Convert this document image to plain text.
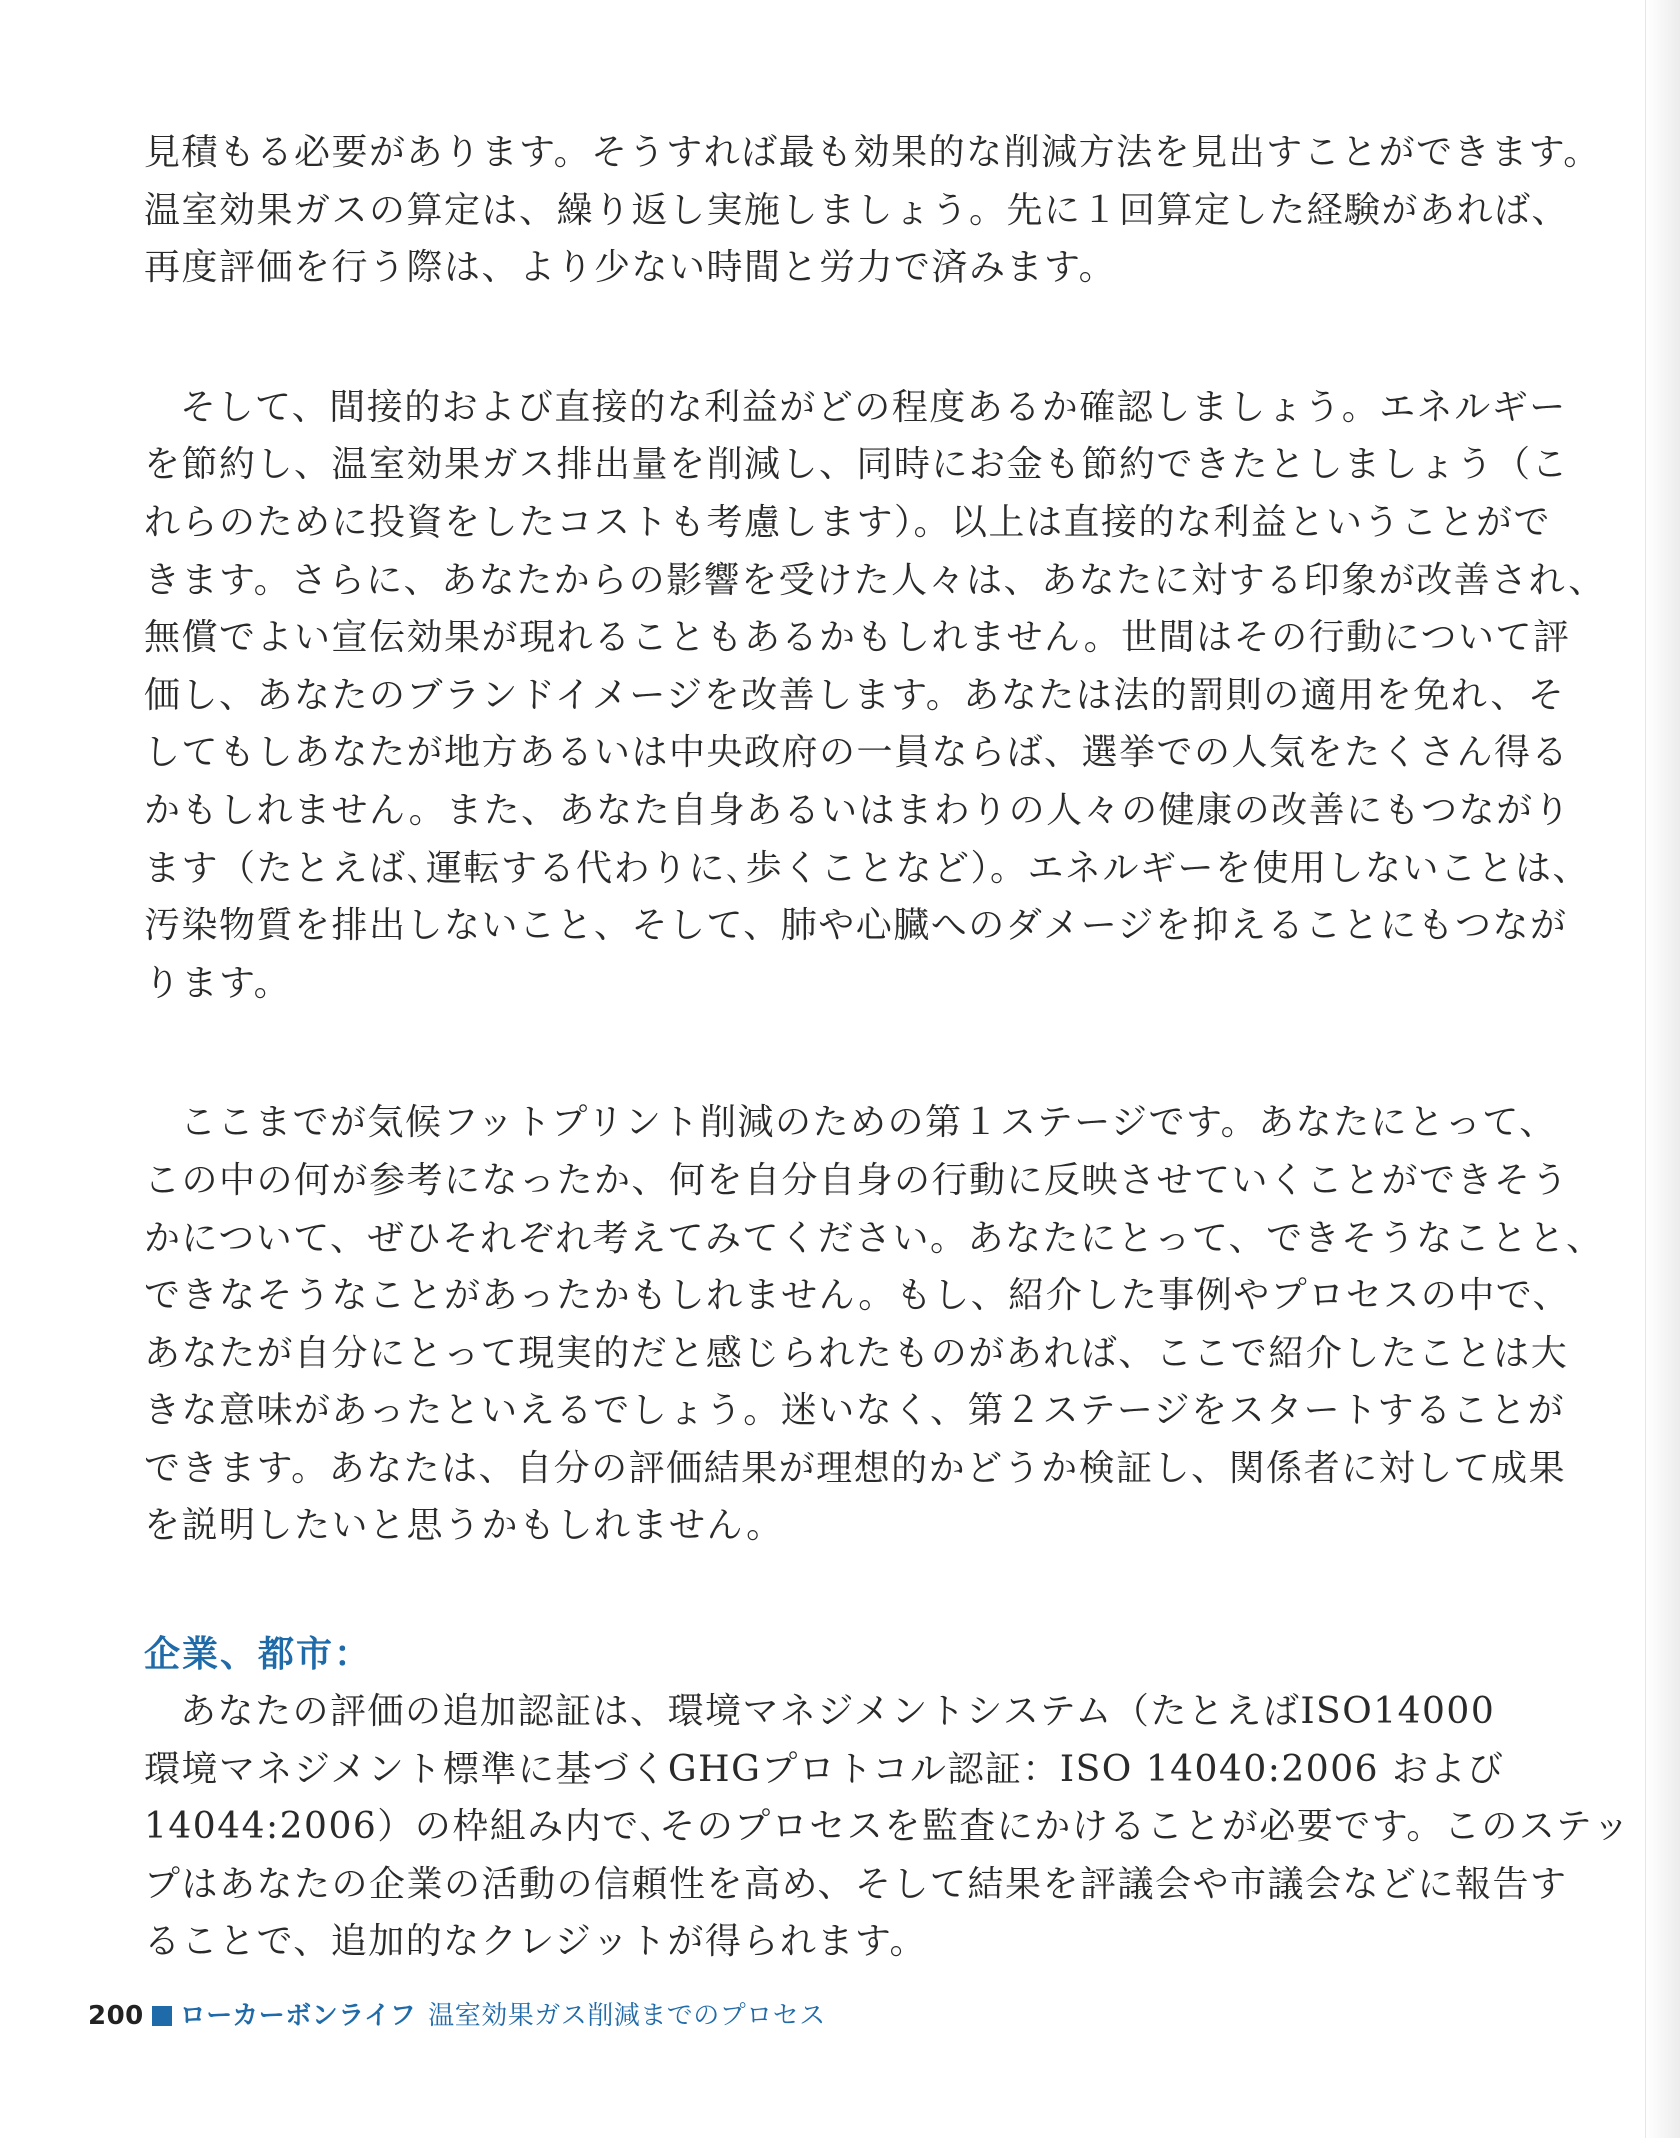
見積もる必要があります。そうすれば最も効果的な削減方法を見出すことができます。
温室効果ガスの算定は、繰り返し実施しましょう。先に１回算定した経験があれば、
再度評価を行う際は、より少ない時間と労力で済みます。

そして、間接的および直接的な利益がどの程度あるか確認しましょう。エネルギー
を節約し、温室効果ガス排出量を削減し、同時にお金も節約できたとしましょう（こ
れらのために投資をしたコストも考慮します）。以上は直接的な利益ということがで
きます。さらに、あなたからの影響を受けた人々は、あなたに対する印象が改善され、
無償でよい宣伝効果が現れることもあるかもしれません。世間はその行動について評
価し、あなたのブランドイメージを改善します。あなたは法的罰則の適用を免れ、そ
してもしあなたが地方あるいは中央政府の一員ならば、選挙での人気をたくさん得る
かもしれません。また、あなた自身あるいはまわりの人々の健康の改善にもつながり
ます（たとえば､運転する代わりに､歩くことなど）。エネルギーを使用しないことは、
汚染物質を排出しないこと、そして、肺や心臓へのダメージを抑えることにもつなが
ります。

ここまでが気候フットプリント削減のための第１ステージです。あなたにとって、
この中の何が参考になったか、何を自分自身の行動に反映させていくことができそう
かについて、ぜひそれぞれ考えてみてください。あなたにとって、できそうなことと、
できなそうなことがあったかもしれません。もし、紹介した事例やプロセスの中で、
あなたが自分にとって現実的だと感じられたものがあれば、ここで紹介したことは大
きな意味があったといえるでしょう。迷いなく、第２ステージをスタートすることが
できます。あなたは、自分の評価結果が理想的かどうか検証し、関係者に対して成果
を説明したいと思うかもしれません。

企業、都市：

あなたの評価の追加認証は、環境マネジメントシステム（たとえばISO14000
環境マネジメント標準に基づくGHGプロトコル認証：ISO 14040:2006 および
14044:2006）の枠組み内で､そのプロセスを監査にかけることが必要です。このステッ
プはあなたの企業の活動の信頼性を高め、そして結果を評議会や市議会などに報告す
ることで、追加的なクレジットが得られます。

200 ローカーボンライフ 温室効果ガス削減までのプロセス
